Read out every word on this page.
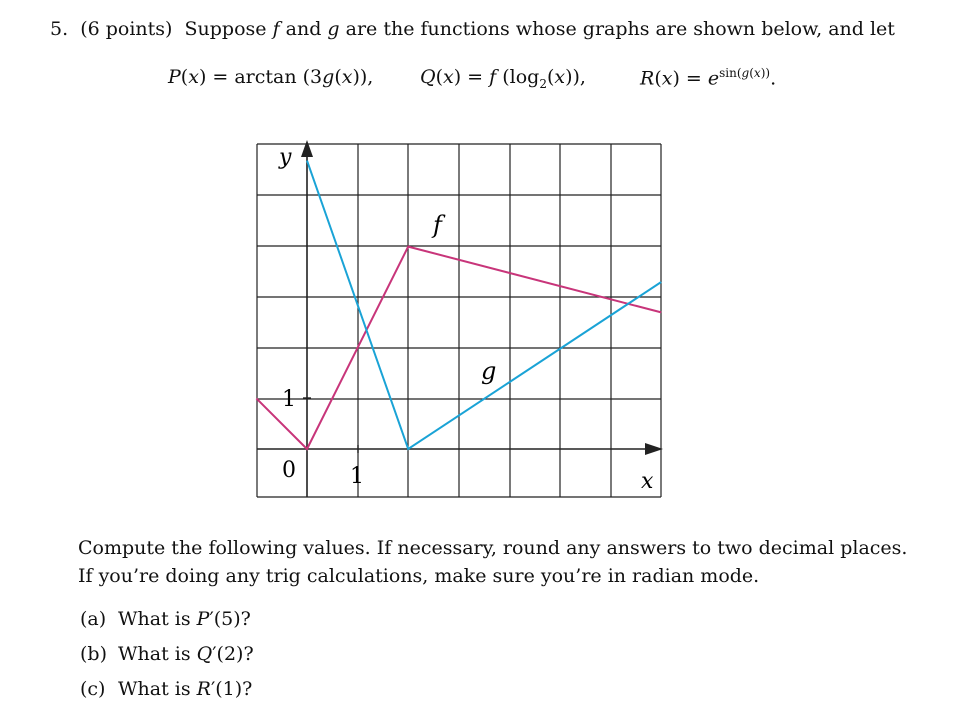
5. (6 points) Suppose f and g are the functions whose graphs are shown below, and let
P(x) = arctan (3g(x)), Q(x) = f $(\log_2(x))$,	$R(x) = e^{sin(g(x))}$.
y
x
f
g
0 1
1
Compute the following values. If necessary, round any answers to two decimal places. If you’re doing any trig calculations, make sure you’re in radian mode.
(a) What is P′(5)?
(b) What is Q′(2)?
(c) What is R′(1)?
